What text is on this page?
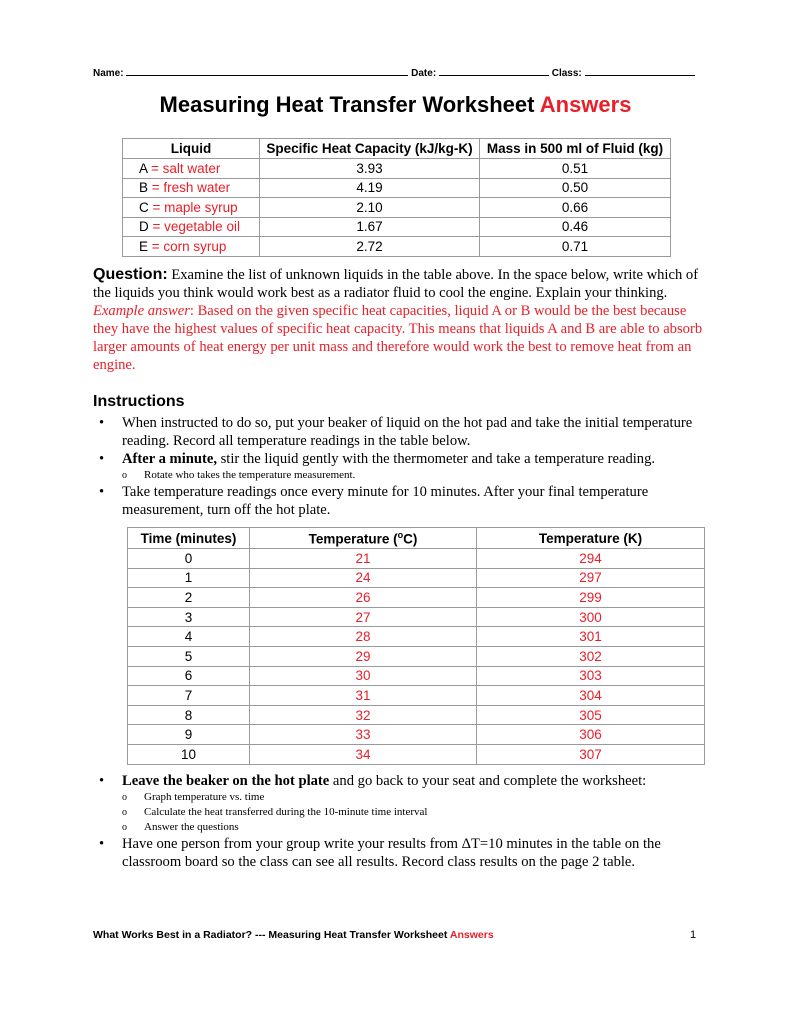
Name:	Date:	Class:
Measuring Heat Transfer Worksheet Answers
Liquid	Specific Heat Capacity (kJ/kg-K)	Mass in 500 ml of Fluid (kg)
A = salt water	3.93	0.51
B = fresh water	4.19	0.50
C = maple syrup	2.10	0.66
D = vegetable oil	1.67	0.46
E = corn syrup	2.72	0.71
Question: Examine the list of unknown liquids in the table above. In the space below, write which of the liquids you think would work best as a radiator fluid to cool the engine. Explain your thinking. Example answer: Based on the given specific heat capacities, liquid A or B would be the best because they have the highest values of specific heat capacity. This means that liquids A and B are able to absorb larger amounts of heat energy per unit mass and therefore would work the best to remove heat from an engine.
Instructions
• When instructed to do so, put your beaker of liquid on the hot pad and take the initial temperature reading. Record all temperature readings in the table below.
• After a minute, stir the liquid gently with the thermometer and take a temperature reading.
o Rotate who takes the temperature measurement.
• Take temperature readings once every minute for 10 minutes. After your final temperature measurement, turn off the hot plate.
Time (minutes)	Temperature ($^o$C)	Temperature (K)
0	21	294
1	24	297
2	26	299
3	27	300
4	28	301
5	29	302
6	30	303
7	31	304
8	32	305
9	33	306
10	34	307
• Leave the beaker on the hot plate and go back to your seat and complete the worksheet:
o Graph temperature vs. time
o Calculate the heat transferred during the 10-minute time interval
o Answer the questions
• Have one person from your group write your results from ΔT=10 minutes in the table on the classroom board so the class can see all results. Record class results on the page 2 table.
What Works Best in a Radiator? --- Measuring Heat Transfer Worksheet Answers	1
